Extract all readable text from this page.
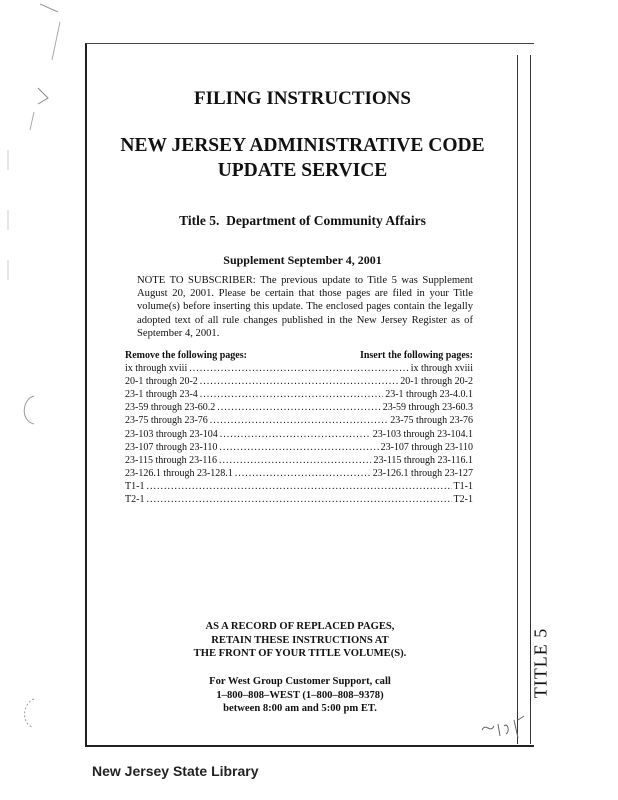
FILING INSTRUCTIONS
NEW JERSEY ADMINISTRATIVE CODE
UPDATE SERVICE
Title 5.  Department of Community Affairs
Supplement September 4, 2001
NOTE TO SUBSCRIBER: The previous update to Title 5 was Supplement August 20, 2001. Please be certain that those pages are filed in your Title volume(s) before inserting this update. The enclosed pages contain the legally adopted text of all rule changes published in the New Jersey Register as of September 4, 2001.
Remove the following pages:	Insert the following pages:
ix through xviii .....	ix through xviii
20-1 through 20-2 .....	20-1 through 20-2
23-1 through 23-4 .....	23-1 through 23-4.0.1
23-59 through 23-60.2 .....	23-59 through 23-60.3
23-75 through 23-76 .....	23-75 through 23-76
23-103 through 23-104 .....	23-103 through 23-104.1
23-107 through 23-110 .....	23-107 through 23-110
23-115 through 23-116 .....	23-115 through 23-116.1
23-126.1 through 23-128.1 .....	23-126.1 through 23-127
T1-1 .....	T1-1
T2-1 .....	T2-1
AS A RECORD OF REPLACED PAGES,
RETAIN THESE INSTRUCTIONS AT
THE FRONT OF YOUR TITLE VOLUME(S).
For West Group Customer Support, call
1–800–808–WEST (1–800–808–9378)
between 8:00 am and 5:00 pm ET.
TITLE 5
New Jersey State Library
